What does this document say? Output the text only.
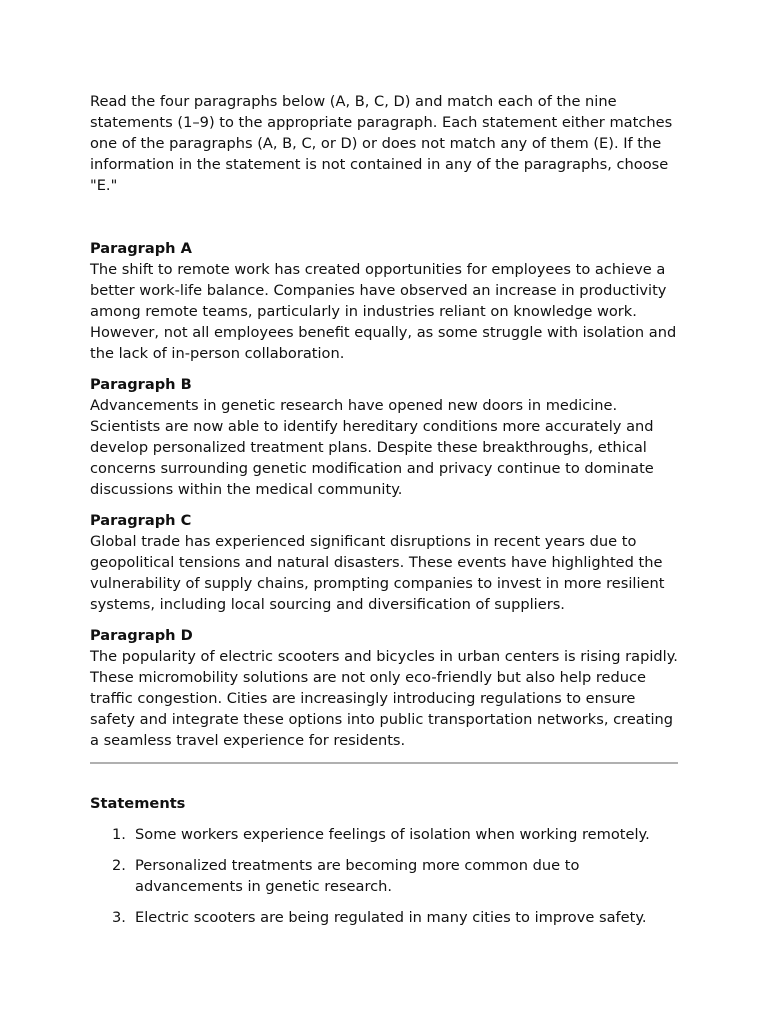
Read the four paragraphs below (A, B, C, D) and match each of the nine statements (1–9) to the appropriate paragraph. Each statement either matches one of the paragraphs (A, B, C, or D) or does not match any of them (E). If the information in the statement is not contained in any of the paragraphs, choose "E."

Paragraph A

The shift to remote work has created opportunities for employees to achieve a better work-life balance. Companies have observed an increase in productivity among remote teams, particularly in industries reliant on knowledge work. However, not all employees benefit equally, as some struggle with isolation and the lack of in-person collaboration.

Paragraph B

Advancements in genetic research have opened new doors in medicine. Scientists are now able to identify hereditary conditions more accurately and develop personalized treatment plans. Despite these breakthroughs, ethical concerns surrounding genetic modification and privacy continue to dominate discussions within the medical community.

Paragraph C

Global trade has experienced significant disruptions in recent years due to geopolitical tensions and natural disasters. These events have highlighted the vulnerability of supply chains, prompting companies to invest in more resilient systems, including local sourcing and diversification of suppliers.

Paragraph D

The popularity of electric scooters and bicycles in urban centers is rising rapidly. These micromobility solutions are not only eco-friendly but also help reduce traffic congestion. Cities are increasingly introducing regulations to ensure safety and integrate these options into public transportation networks, creating a seamless travel experience for residents.

Statements

1. Some workers experience feelings of isolation when working remotely.
2. Personalized treatments are becoming more common due to advancements in genetic research.
3. Electric scooters are being regulated in many cities to improve safety.
